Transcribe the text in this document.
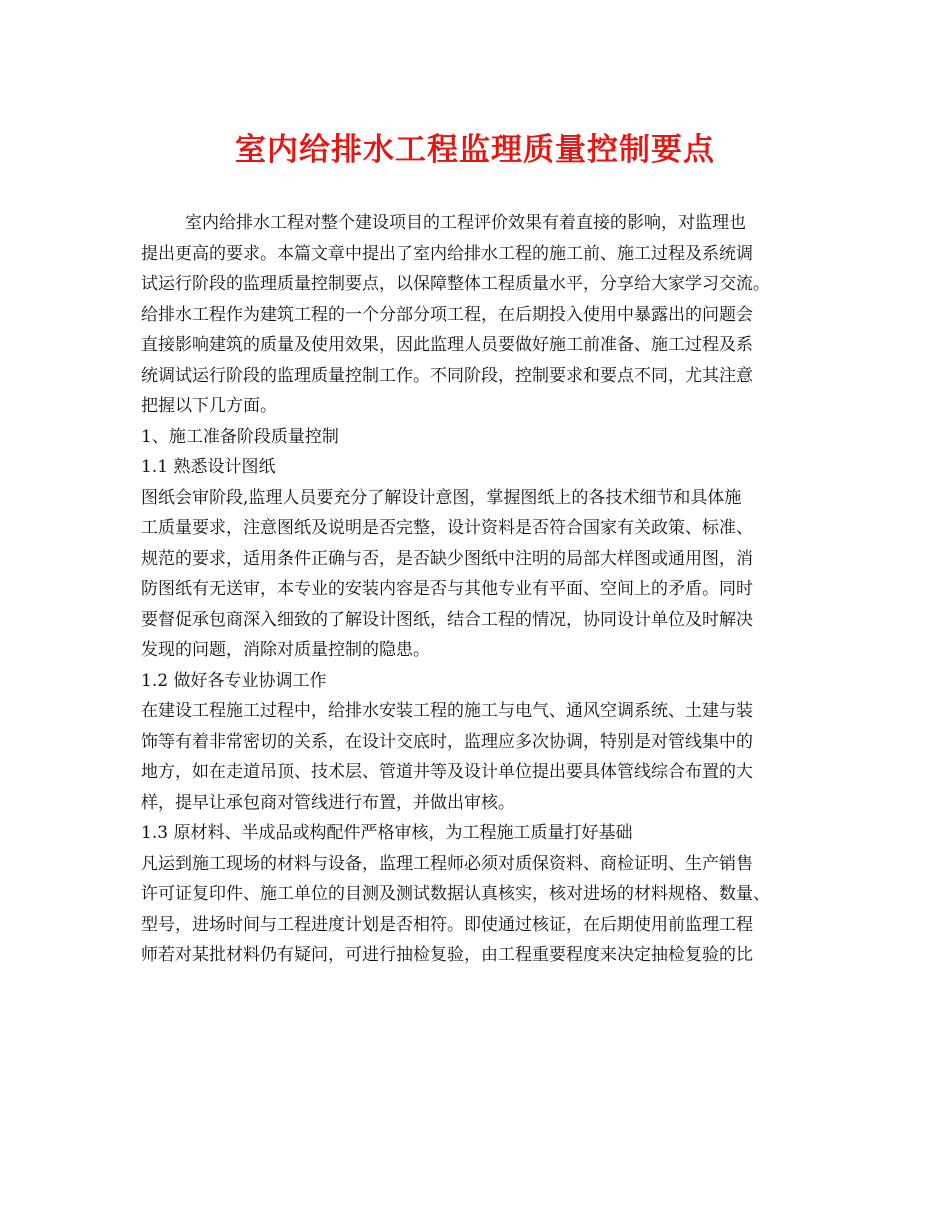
室内给排水工程监理质量控制要点
室内给排水工程对整个建设项目的工程评价效果有着直接的影响，对监理也
提出更高的要求。本篇文章中提出了室内给排水工程的施工前、施工过程及系统调
试运行阶段的监理质量控制要点，以保障整体工程质量水平，分享给大家学习交流。
给排水工程作为建筑工程的一个分部分项工程，在后期投入使用中暴露出的问题会
直接影响建筑的质量及使用效果，因此监理人员要做好施工前准备、施工过程及系
统调试运行阶段的监理质量控制工作。不同阶段，控制要求和要点不同，尤其注意
把握以下几方面。
1、施工准备阶段质量控制
1.1 熟悉设计图纸
图纸会审阶段,监理人员要充分了解设计意图，掌握图纸上的各技术细节和具体施
工质量要求，注意图纸及说明是否完整，设计资料是否符合国家有关政策、标准、
规范的要求，适用条件正确与否，是否缺少图纸中注明的局部大样图或通用图，消
防图纸有无送审，本专业的安装内容是否与其他专业有平面、空间上的矛盾。同时
要督促承包商深入细致的了解设计图纸，结合工程的情况，协同设计单位及时解决
发现的问题，消除对质量控制的隐患。
1.2 做好各专业协调工作
在建设工程施工过程中，给排水安装工程的施工与电气、通风空调系统、土建与装
饰等有着非常密切的关系，在设计交底时，监理应多次协调，特别是对管线集中的
地方，如在走道吊顶、技术层、管道井等及设计单位提出要具体管线综合布置的大
样，提早让承包商对管线进行布置，并做出审核。
1.3 原材料、半成品或构配件严格审核，为工程施工质量打好基础
凡运到施工现场的材料与设备，监理工程师必须对质保资料、商检证明、生产销售
许可证复印件、施工单位的目测及测试数据认真核实，核对进场的材料规格、数量、
型号，进场时间与工程进度计划是否相符。即使通过核证，在后期使用前监理工程
师若对某批材料仍有疑问，可进行抽检复验，由工程重要程度来决定抽检复验的比
